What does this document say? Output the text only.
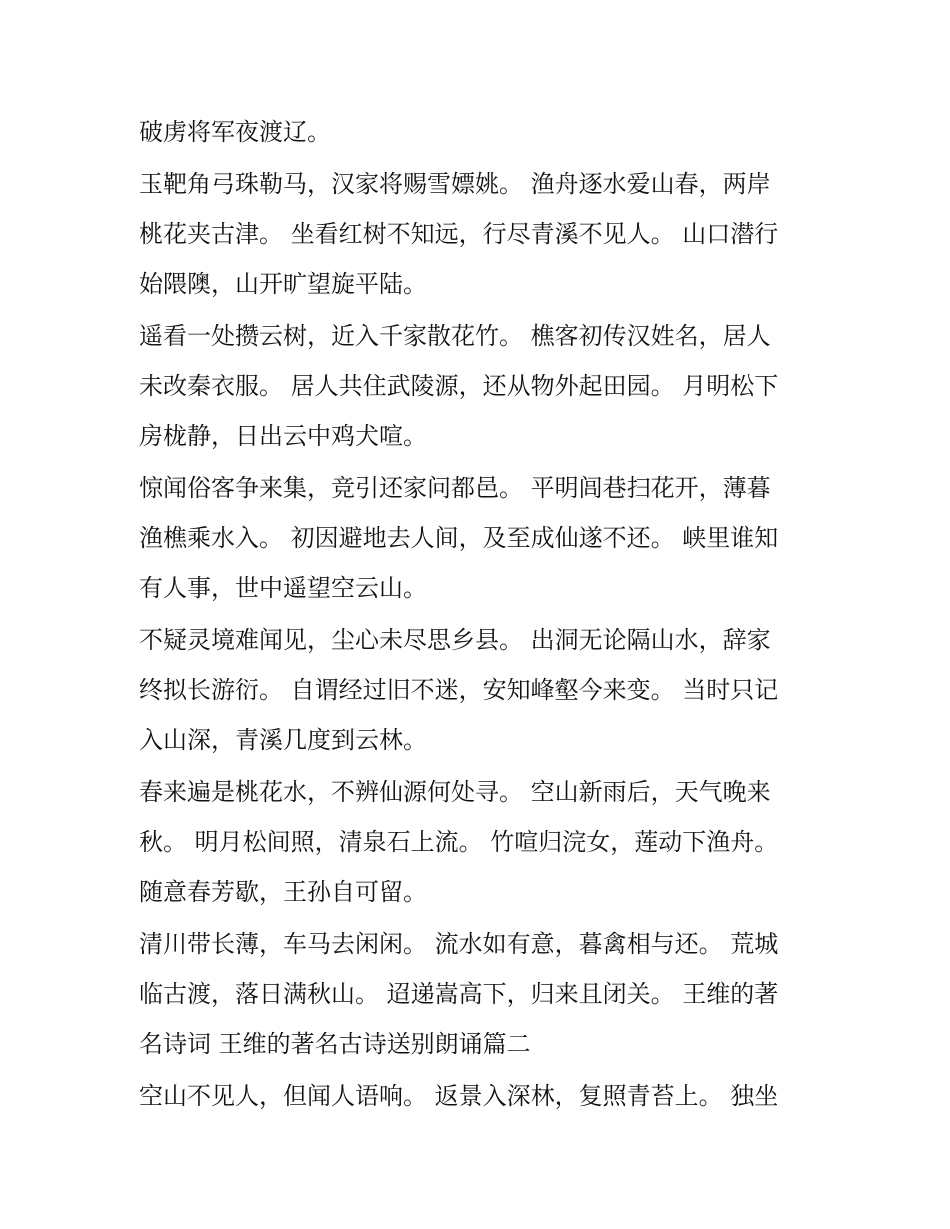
破虏将军夜渡辽。
玉靶角弓珠勒马，汉家将赐雪嫖姚。 渔舟逐水爱山春，两岸
桃花夹古津。 坐看红树不知远，行尽青溪不见人。 山口潜行
始隈隩，山开旷望旋平陆。
遥看一处攒云树，近入千家散花竹。 樵客初传汉姓名，居人
未改秦衣服。 居人共住武陵源，还从物外起田园。 月明松下
房栊静，日出云中鸡犬喧。
惊闻俗客争来集，竞引还家问都邑。 平明闾巷扫花开，薄暮
渔樵乘水入。 初因避地去人间，及至成仙遂不还。 峡里谁知
有人事，世中遥望空云山。
不疑灵境难闻见，尘心未尽思乡县。 出洞无论隔山水，辞家
终拟长游衍。 自谓经过旧不迷，安知峰壑今来变。 当时只记
入山深，青溪几度到云林。
春来遍是桃花水，不辨仙源何处寻。 空山新雨后，天气晚来
秋。 明月松间照，清泉石上流。 竹喧归浣女，莲动下渔舟。
随意春芳歇，王孙自可留。
清川带长薄，车马去闲闲。 流水如有意，暮禽相与还。 荒城
临古渡，落日满秋山。 迢递嵩高下，归来且闭关。 王维的著
名诗词 王维的著名古诗送别朗诵篇二
空山不见人，但闻人语响。 返景入深林，复照青苔上。 独坐
